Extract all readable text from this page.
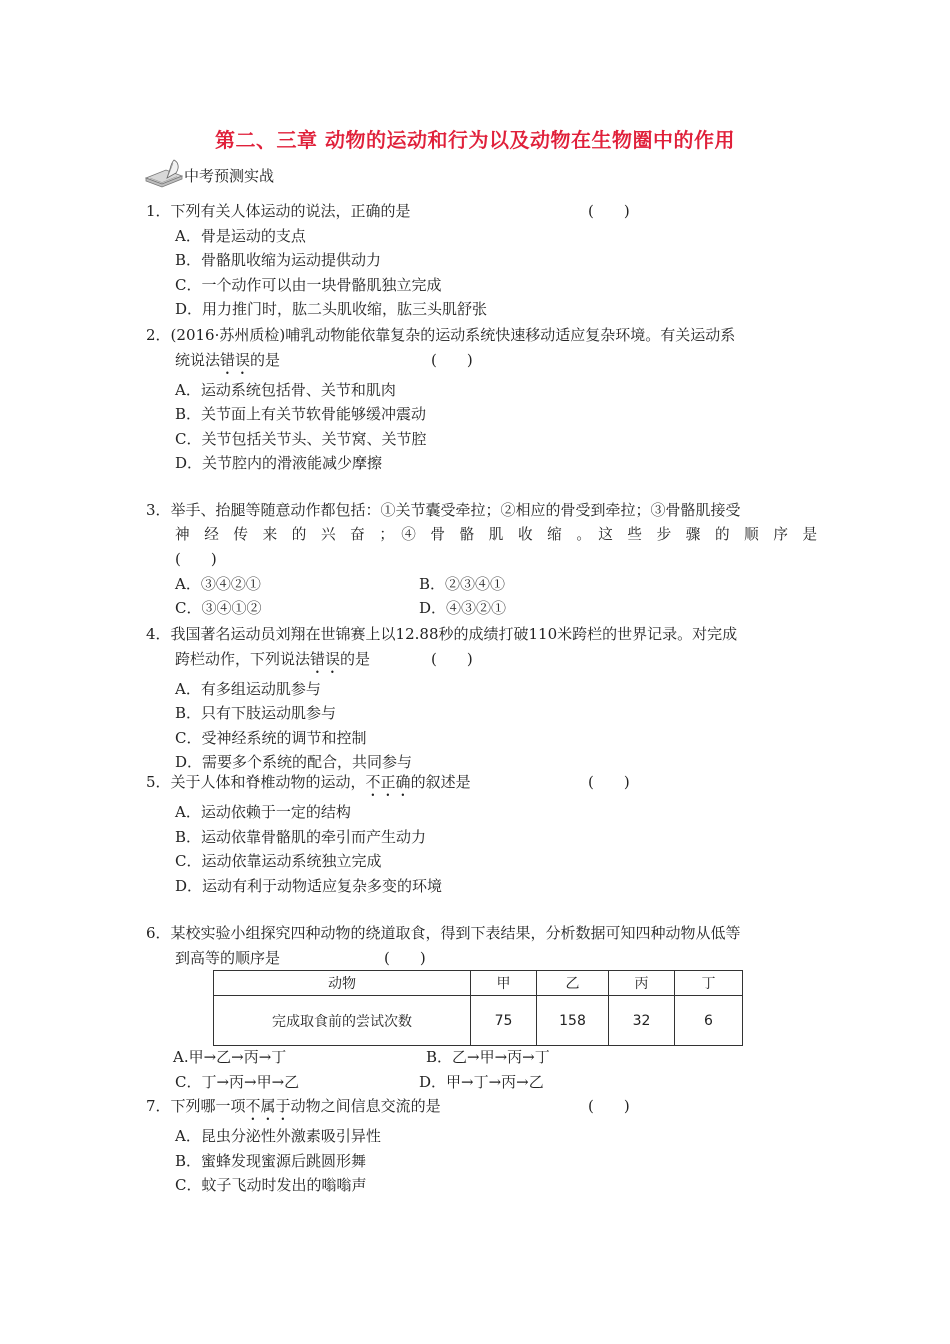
第二、三章 动物的运动和行为以及动物在生物圈中的作用
中考预测实战
1．下列有关人体运动的说法，正确的是	(　　)
A．骨是运动的支点
B．骨骼肌收缩为运动提供动力
C．一个动作可以由一块骨骼肌独立完成
D．用力推门时，肱二头肌收缩，肱三头肌舒张
2．(2016·苏州质检)哺乳动物能依靠复杂的运动系统快速移动适应复杂环境。有关运动系
统说法错误的是	(　　)
A．运动系统包括骨、关节和肌肉
B．关节面上有关节软骨能够缓冲震动
C．关节包括关节头、关节窝、关节腔
D．关节腔内的滑液能减少摩擦
3．举手、抬腿等随意动作都包括：①关节囊受牵拉；②相应的骨受到牵拉；③骨骼肌接受
神　经　传　来　的　兴　奋　；　④　骨　骼　肌　收　缩　。　这　些　步　骤　的　顺　序　是
(　　)
A．③④②①	B．②③④①
C．③④①②	D．④③②①
4．我国著名运动员刘翔在世锦赛上以12.88秒的成绩打破110米跨栏的世界记录。对完成
跨栏动作，下列说法错误的是	(　　)
A．有多组运动肌参与
B．只有下肢运动肌参与
C．受神经系统的调节和控制
D．需要多个系统的配合，共同参与
5．关于人体和脊椎动物的运动，不正确的叙述是	(　　)
A．运动依赖于一定的结构
B．运动依靠骨骼肌的牵引而产生动力
C．运动依靠运动系统独立完成
D．运动有利于动物适应复杂多变的环境
6．某校实验小组探究四种动物的绕道取食，得到下表结果，分析数据可知四种动物从低等
到高等的顺序是	(　　)
动物	甲	乙	丙	丁
完成取食前的尝试次数	75	158	32	6
A.甲→乙→丙→丁	B．乙→甲→丙→丁
C．丁→丙→甲→乙	D．甲→丁→丙→乙
7．下列哪一项不属于动物之间信息交流的是	(　　)
A．昆虫分泌性外激素吸引异性
B．蜜蜂发现蜜源后跳圆形舞
C．蚊子飞动时发出的嗡嗡声
